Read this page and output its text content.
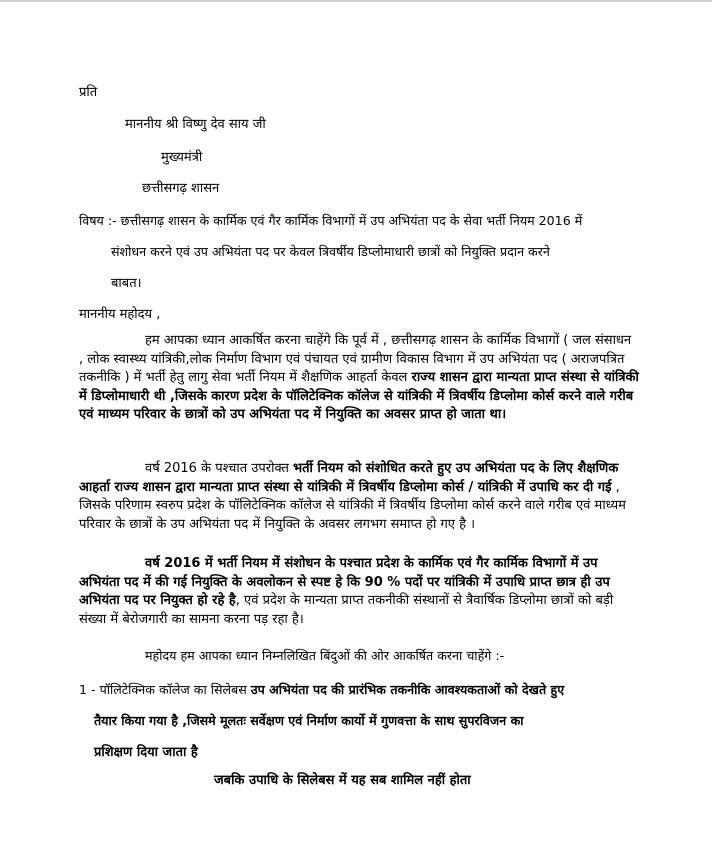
प्रति
माननीय श्री विष्णु देव साय जी
मुख्यमंत्री
छत्तीसगढ़ शासन
विषय :- छत्तीसगढ़ शासन के कार्मिक एवं गैर कार्मिक विभागों में उप अभियंता पद के सेवा भर्ती नियम 2016 में
संशोधन करने एवं उप अभियंता पद पर केवल त्रिवर्षीय डिप्लोमाधारी छात्रों को नियुक्ति प्रदान करने
बाबत।
माननीय महोदय ,
हम आपका ध्यान आकर्षित करना चाहेंगे कि पूर्व में , छत्तीसगढ़ शासन के कार्मिक विभागों ( जल संसाधन , लोक स्वास्थ्य यांत्रिकी,लोक निर्माण विभाग एवं पंचायत एवं ग्रामीण विकास विभाग में उप अभियंता पद ( अराजपत्रित तकनीकि ) में भर्ती हेतु लागु सेवा भर्ती नियम में शैक्षणिक आहर्ता केवल राज्य शासन द्वारा मान्यता प्राप्त संस्था से यांत्रिकी में डिप्लोमाधारी थी ,जिसके कारण प्रदेश के पॉलिटेक्निक कॉलेज से यांत्रिकी में त्रिवर्षीय डिप्लोमा कोर्स करने वाले गरीब एवं माध्यम परिवार के छात्रों को उप अभियंता पद में नियुक्ति का अवसर प्राप्त हो जाता था।
वर्ष 2016 के पश्चात उपरोक्त भर्ती नियम को संशोधित करते हुए उप अभियंता पद के लिए शैक्षणिक आहर्ता राज्य शासन द्वारा मान्यता प्राप्त संस्था से यांत्रिकी में त्रिवर्षीय डिप्लोमा कोर्स / यांत्रिकी में उपाधि कर दी गई , जिसके परिणाम स्वरुप प्रदेश के पॉलिटेक्निक कॉलेज से यांत्रिकी में त्रिवर्षीय डिप्लोमा कोर्स करने वाले गरीब एवं माध्यम परिवार के छात्रों के उप अभियंता पद में नियुक्ति के अवसर लगभग समाप्त हो गए है ।
वर्ष 2016 में भर्ती नियम में संशोधन के पश्चात प्रदेश के कार्मिक एवं गैर कार्मिक विभागों में उप अभियंता पद में की गई नियुक्ति के अवलोकन से स्पष्ट हे कि 90 % पदों पर यांत्रिकी में उपाधि प्राप्त छात्र ही उप अभियंता पद पर नियुक्त हो रहे है, एवं प्रदेश के मान्यता प्राप्त तकनीकी संस्थानों से त्रैवार्षिक डिप्लोमा छात्रों को बड़ी संख्या में बेरोजगारी का सामना करना पड़ रहा है।
महोदय हम आपका ध्यान निम्नलिखित बिंदुओं की ओर आकर्षित करना चाहेंगे :-
1 - पॉलिटेक्निक कॉलेज का सिलेबस उप अभियंता पद की प्रारंभिक तकनीकि आवश्यकताओं को देखते हुए
तैयार किया गया है ,जिसमे मूलतः सर्वेक्षण एवं निर्माण कार्यो में गुणवत्ता के साथ सुपरविजन का
प्रशिक्षण दिया जाता है
जबकि उपाधि के सिलेबस में यह सब शामिल नहीं होता
